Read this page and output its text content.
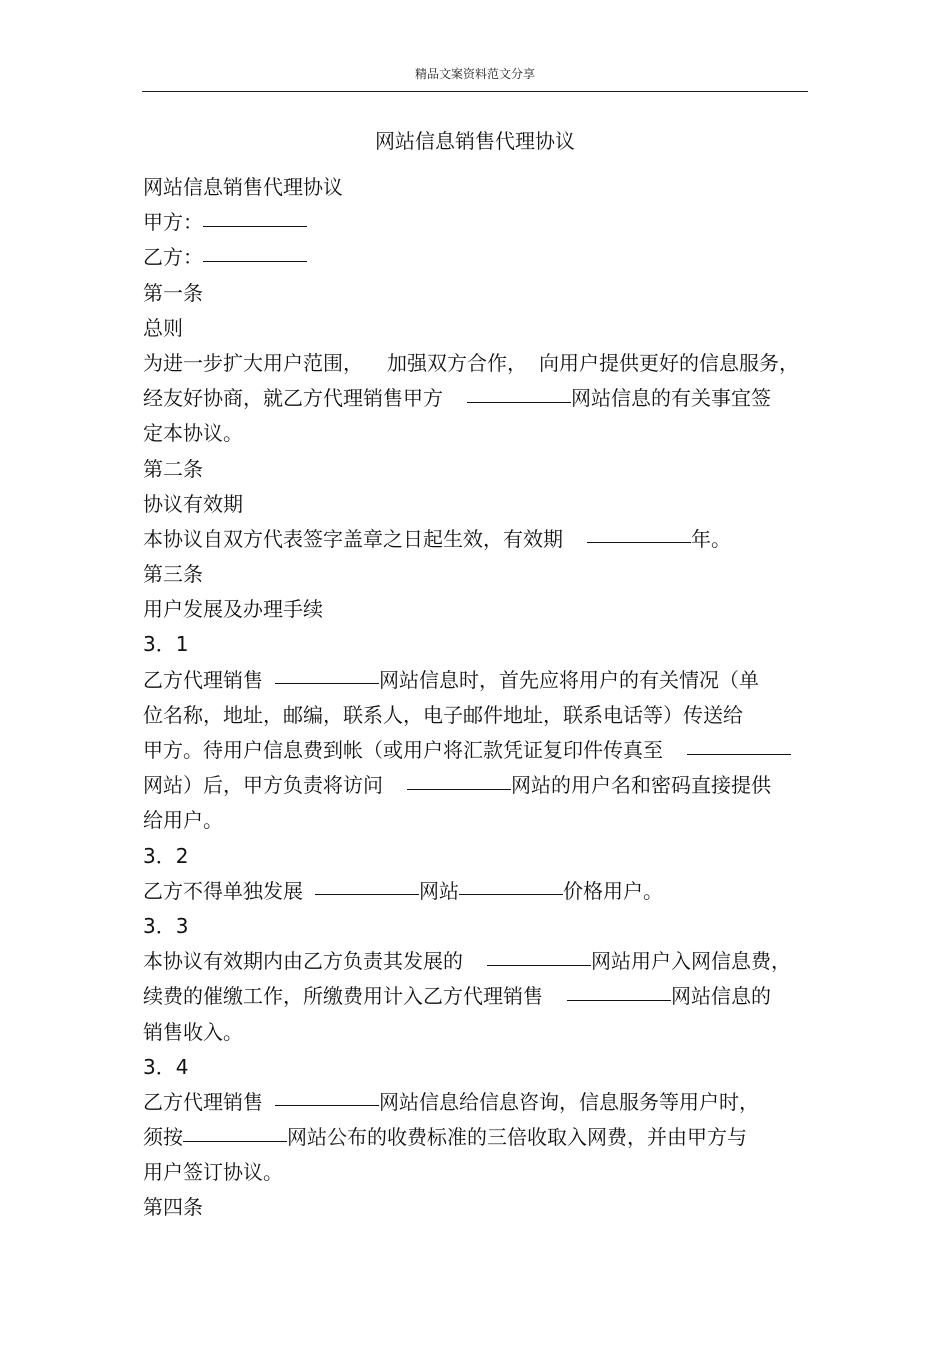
精品文案资料范文分享
网站信息销售代理协议
网站信息销售代理协议
甲方：
乙方：
第一条
总则
为进一步扩大用户范围， 加强双方合作， 向用户提供更好的信息服务，
经友好协商，就乙方代理销售甲方	网站信息的有关事宜签
定本协议。
第二条
协议有效期
本协议自双方代表签字盖章之日起生效，有效期	年。
第三条
用户发展及办理手续
3．1
乙方代理销售	网站信息时，首先应将用户的有关情况（单
位名称，地址，邮编，联系人，电子邮件地址，联系电话等）传送给
甲方。待用户信息费到帐（或用户将汇款凭证复印件传真至
网站）后，甲方负责将访问	网站的用户名和密码直接提供
给用户。
3．2
乙方不得单独发展	网站	价格用户。
3．3
本协议有效期内由乙方负责其发展的	网站用户入网信息费，
续费的催缴工作，所缴费用计入乙方代理销售	网站信息的
销售收入。
3．4
乙方代理销售	网站信息给信息咨询，信息服务等用户时，
须按	网站公布的收费标准的三倍收取入网费，并由甲方与
用户签订协议。
第四条
